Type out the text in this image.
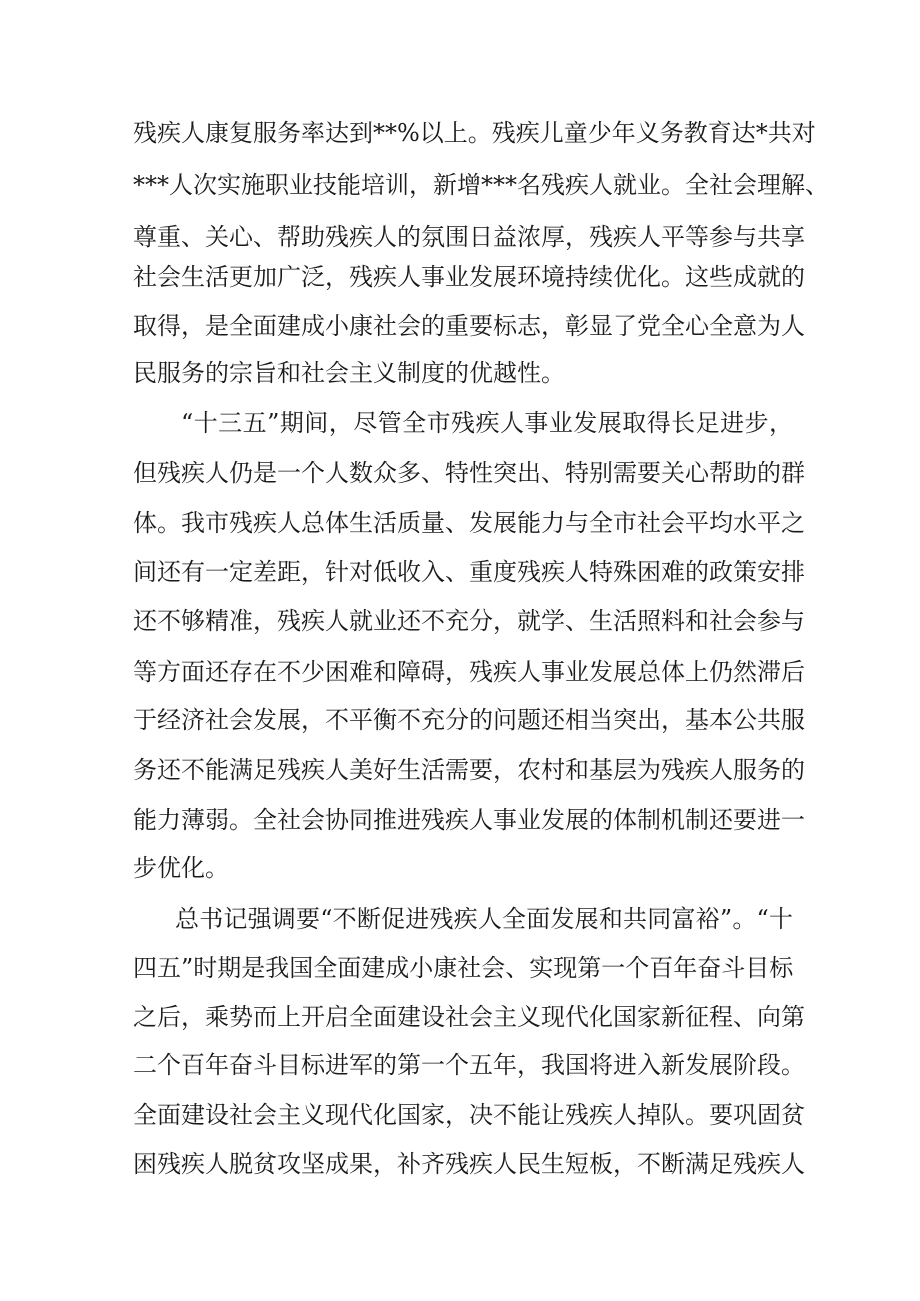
残疾人康复服务率达到**%以上。残疾儿童少年义务教育达*共对
***人次实施职业技能培训，新增***名残疾人就业。全社会理解、
尊重、关心、帮助残疾人的氛围日益浓厚，残疾人平等参与共享
社会生活更加广泛，残疾人事业发展环境持续优化。这些成就的
取得，是全面建成小康社会的重要标志，彰显了党全心全意为人
民服务的宗旨和社会主义制度的优越性。
“十三五”期间，尽管全市残疾人事业发展取得长足进步，
但残疾人仍是一个人数众多、特性突出、特别需要关心帮助的群
体。我市残疾人总体生活质量、发展能力与全市社会平均水平之
间还有一定差距，针对低收入、重度残疾人特殊困难的政策安排
还不够精准，残疾人就业还不充分，就学、生活照料和社会参与
等方面还存在不少困难和障碍，残疾人事业发展总体上仍然滞后
于经济社会发展，不平衡不充分的问题还相当突出，基本公共服
务还不能满足残疾人美好生活需要，农村和基层为残疾人服务的
能力薄弱。全社会协同推进残疾人事业发展的体制机制还要进一
步优化。
总书记强调要“不断促进残疾人全面发展和共同富裕”。“十
四五”时期是我国全面建成小康社会、实现第一个百年奋斗目标
之后，乘势而上开启全面建设社会主义现代化国家新征程、向第
二个百年奋斗目标进军的第一个五年，我国将进入新发展阶段。
全面建设社会主义现代化国家，决不能让残疾人掉队。要巩固贫
困残疾人脱贫攻坚成果，补齐残疾人民生短板，不断满足残疾人
